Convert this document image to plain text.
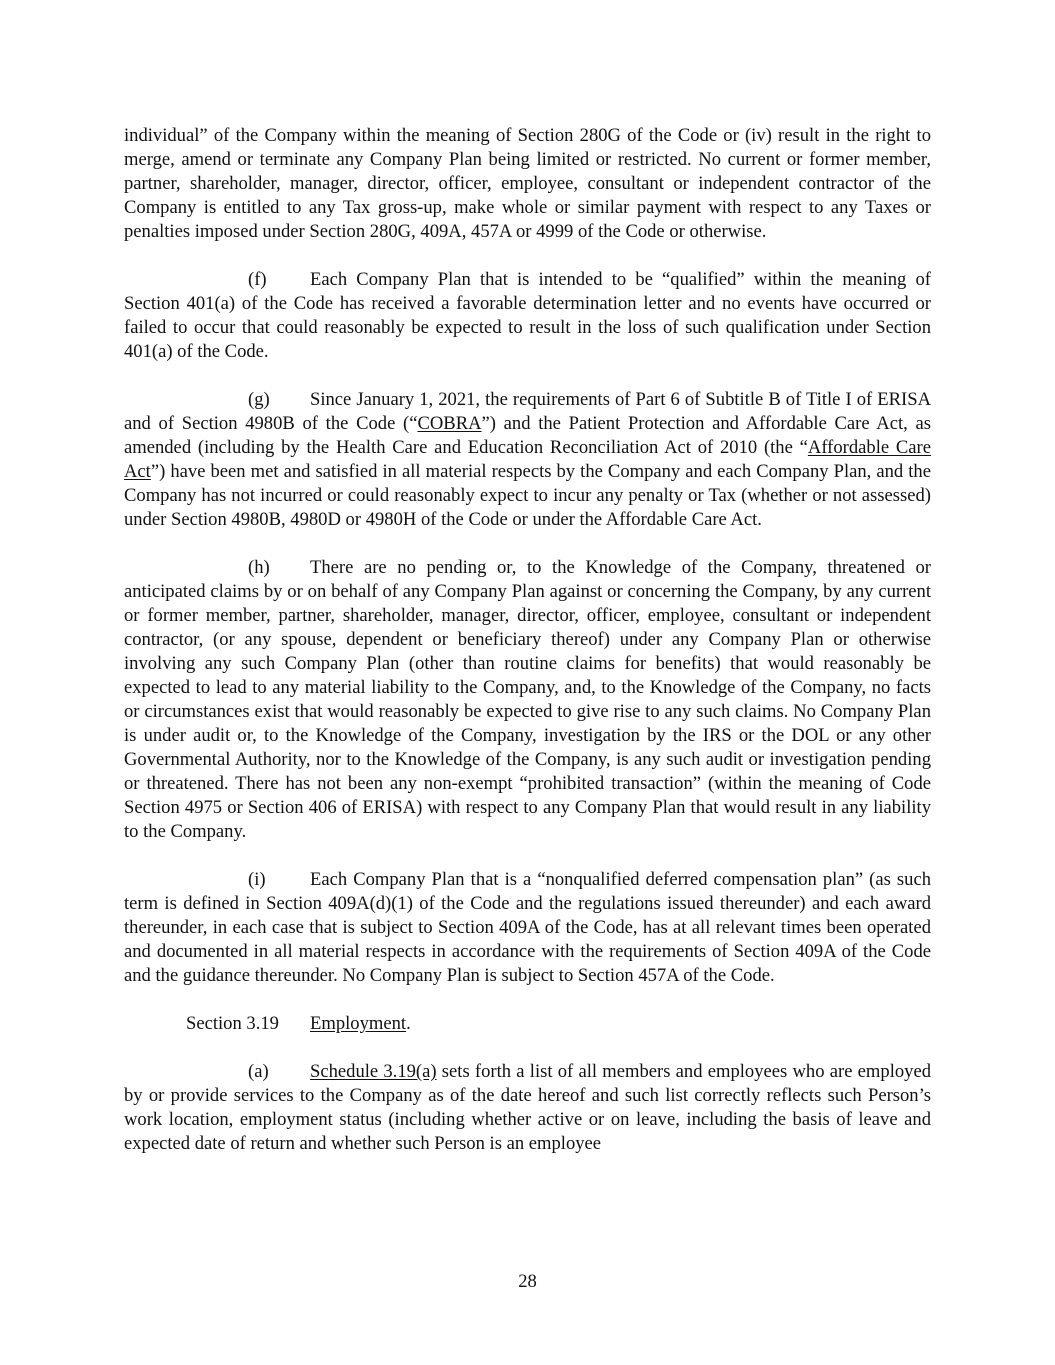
individual” of the Company within the meaning of Section 280G of the Code or (iv) result in the right to merge, amend or terminate any Company Plan being limited or restricted. No current or former member, partner, shareholder, manager, director, officer, employee, consultant or independent contractor of the Company is entitled to any Tax gross-up, make whole or similar payment with respect to any Taxes or penalties imposed under Section 280G, 409A, 457A or 4999 of the Code or otherwise.

(f) Each Company Plan that is intended to be “qualified” within the meaning of Section 401(a) of the Code has received a favorable determination letter and no events have occurred or failed to occur that could reasonably be expected to result in the loss of such qualification under Section 401(a) of the Code.

(g) Since January 1, 2021, the requirements of Part 6 of Subtitle B of Title I of ERISA and of Section 4980B of the Code (“COBRA”) and the Patient Protection and Affordable Care Act, as amended (including by the Health Care and Education Reconciliation Act of 2010 (the “Affordable Care Act”) have been met and satisfied in all material respects by the Company and each Company Plan, and the Company has not incurred or could reasonably expect to incur any penalty or Tax (whether or not assessed) under Section 4980B, 4980D or 4980H of the Code or under the Affordable Care Act.

(h) There are no pending or, to the Knowledge of the Company, threatened or anticipated claims by or on behalf of any Company Plan against or concerning the Company, by any current or former member, partner, shareholder, manager, director, officer, employee, consultant or independent contractor, (or any spouse, dependent or beneficiary thereof) under any Company Plan or otherwise involving any such Company Plan (other than routine claims for benefits) that would reasonably be expected to lead to any material liability to the Company, and, to the Knowledge of the Company, no facts or circumstances exist that would reasonably be expected to give rise to any such claims. No Company Plan is under audit or, to the Knowledge of the Company, investigation by the IRS or the DOL or any other Governmental Authority, nor to the Knowledge of the Company, is any such audit or investigation pending or threatened. There has not been any non-exempt “prohibited transaction” (within the meaning of Code Section 4975 or Section 406 of ERISA) with respect to any Company Plan that would result in any liability to the Company.

(i) Each Company Plan that is a “nonqualified deferred compensation plan” (as such term is defined in Section 409A(d)(1) of the Code and the regulations issued thereunder) and each award thereunder, in each case that is subject to Section 409A of the Code, has at all relevant times been operated and documented in all material respects in accordance with the requirements of Section 409A of the Code and the guidance thereunder. No Company Plan is subject to Section 457A of the Code.

Section 3.19 Employment.

(a) Schedule 3.19(a) sets forth a list of all members and employees who are employed by or provide services to the Company as of the date hereof and such list correctly reflects such Person’s work location, employment status (including whether active or on leave, including the basis of leave and expected date of return and whether such Person is an employee

28
